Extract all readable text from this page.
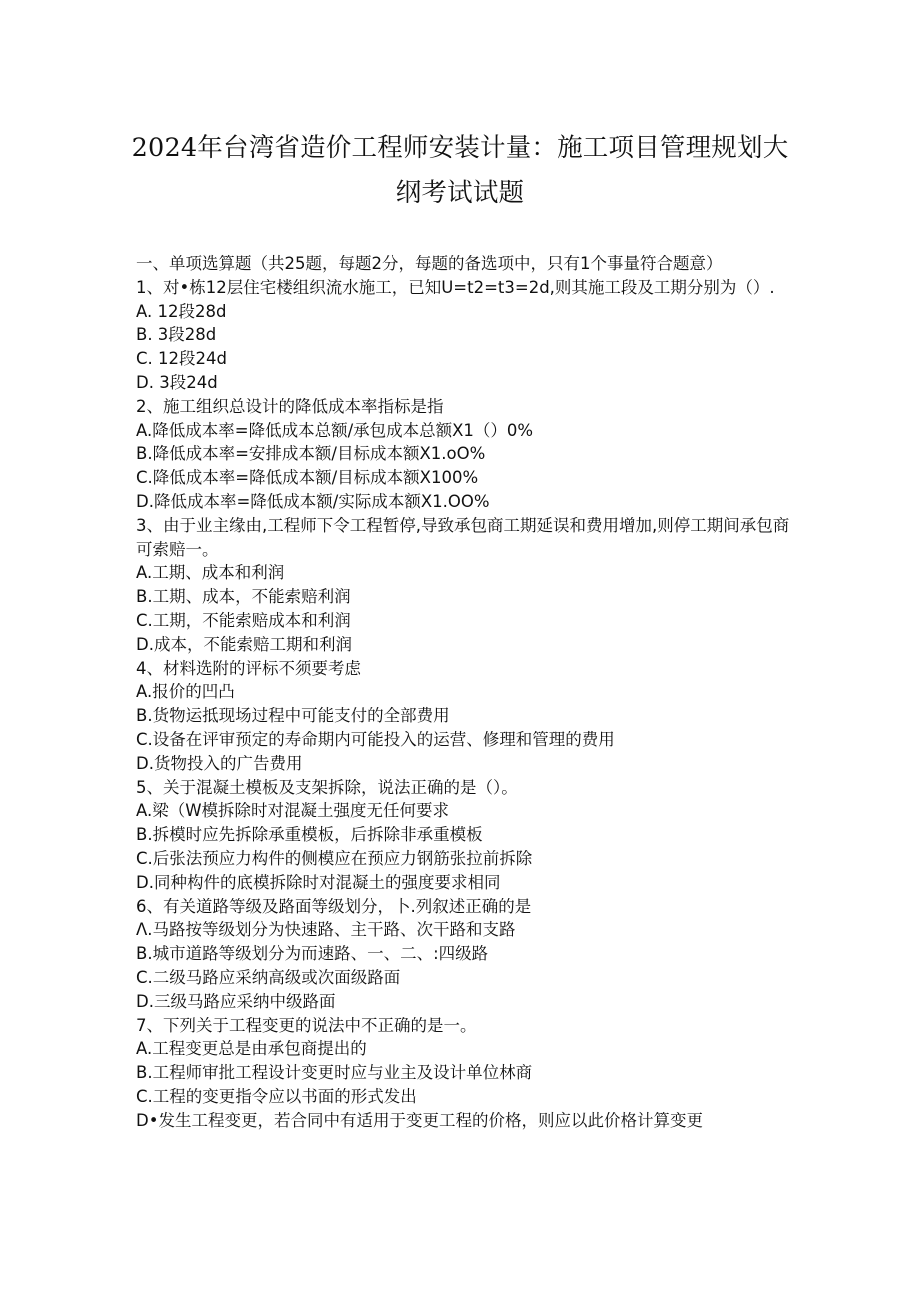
2024年台湾省造价工程师安装计量：施工项目管理规划大
纲考试试题
一、单项选算题（共25题，每题2分，每题的备选项中，只有1个事量符合题意）
1、对•栋12层住宅楼组织流水施工，已知U=t2=t3=2d,则其施工段及工期分别为（）.
A. 12段28d
B. 3段28d
C. 12段24d
D. 3段24d
2、施工组织总设计的降低成本率指标是指
A.降低成本率=降低成本总额/承包成本总额X1（）0%
B.降低成本率=安排成本额/目标成本额X1.oO%
C.降低成本率=降低成本额/目标成本额X100%
D.降低成本率=降低成本额/实际成本额X1.OO%
3、由于业主缘由,工程师下令工程暂停,导致承包商工期延误和费用增加,则停工期间承包商可索赔一。
A.工期、成本和利润
B.工期、成本，不能索赔利润
C.工期，不能索赔成本和利润
D.成本，不能索赔工期和利润
4、材料选附的评标不须要考虑
A.报价的凹凸
B.货物运抵现场过程中可能支付的全部费用
C.设备在评审预定的寿命期内可能投入的运营、修理和管理的费用
D.货物投入的广告费用
5、关于混凝土模板及支架拆除，说法正确的是（）。
A.梁（W模拆除时对混凝土强度无任何要求
B.拆模时应先拆除承重模板，后拆除非承重模板
C.后张法预应力构件的侧模应在预应力钢筋张拉前拆除
D.同种构件的底模拆除时对混凝土的强度要求相同
6、有关道路等级及路面等级划分，卜.列叙述正确的是
Λ.马路按等级划分为快速路、主干路、次干路和支路
B.城市道路等级划分为而速路、一、二、:四级路
C.二级马路应采纳高级或次面级路面
D.三级马路应采纳中级路面
7、下列关于工程变更的说法中不正确的是一。
A.工程变更总是由承包商提出的
B.工程师审批工程设计变更时应与业主及设计单位林商
C.工程的变更指令应以书面的形式发出
D•发生工程变更，若合同中有适用于变更工程的价格，则应以此价格计算变更
